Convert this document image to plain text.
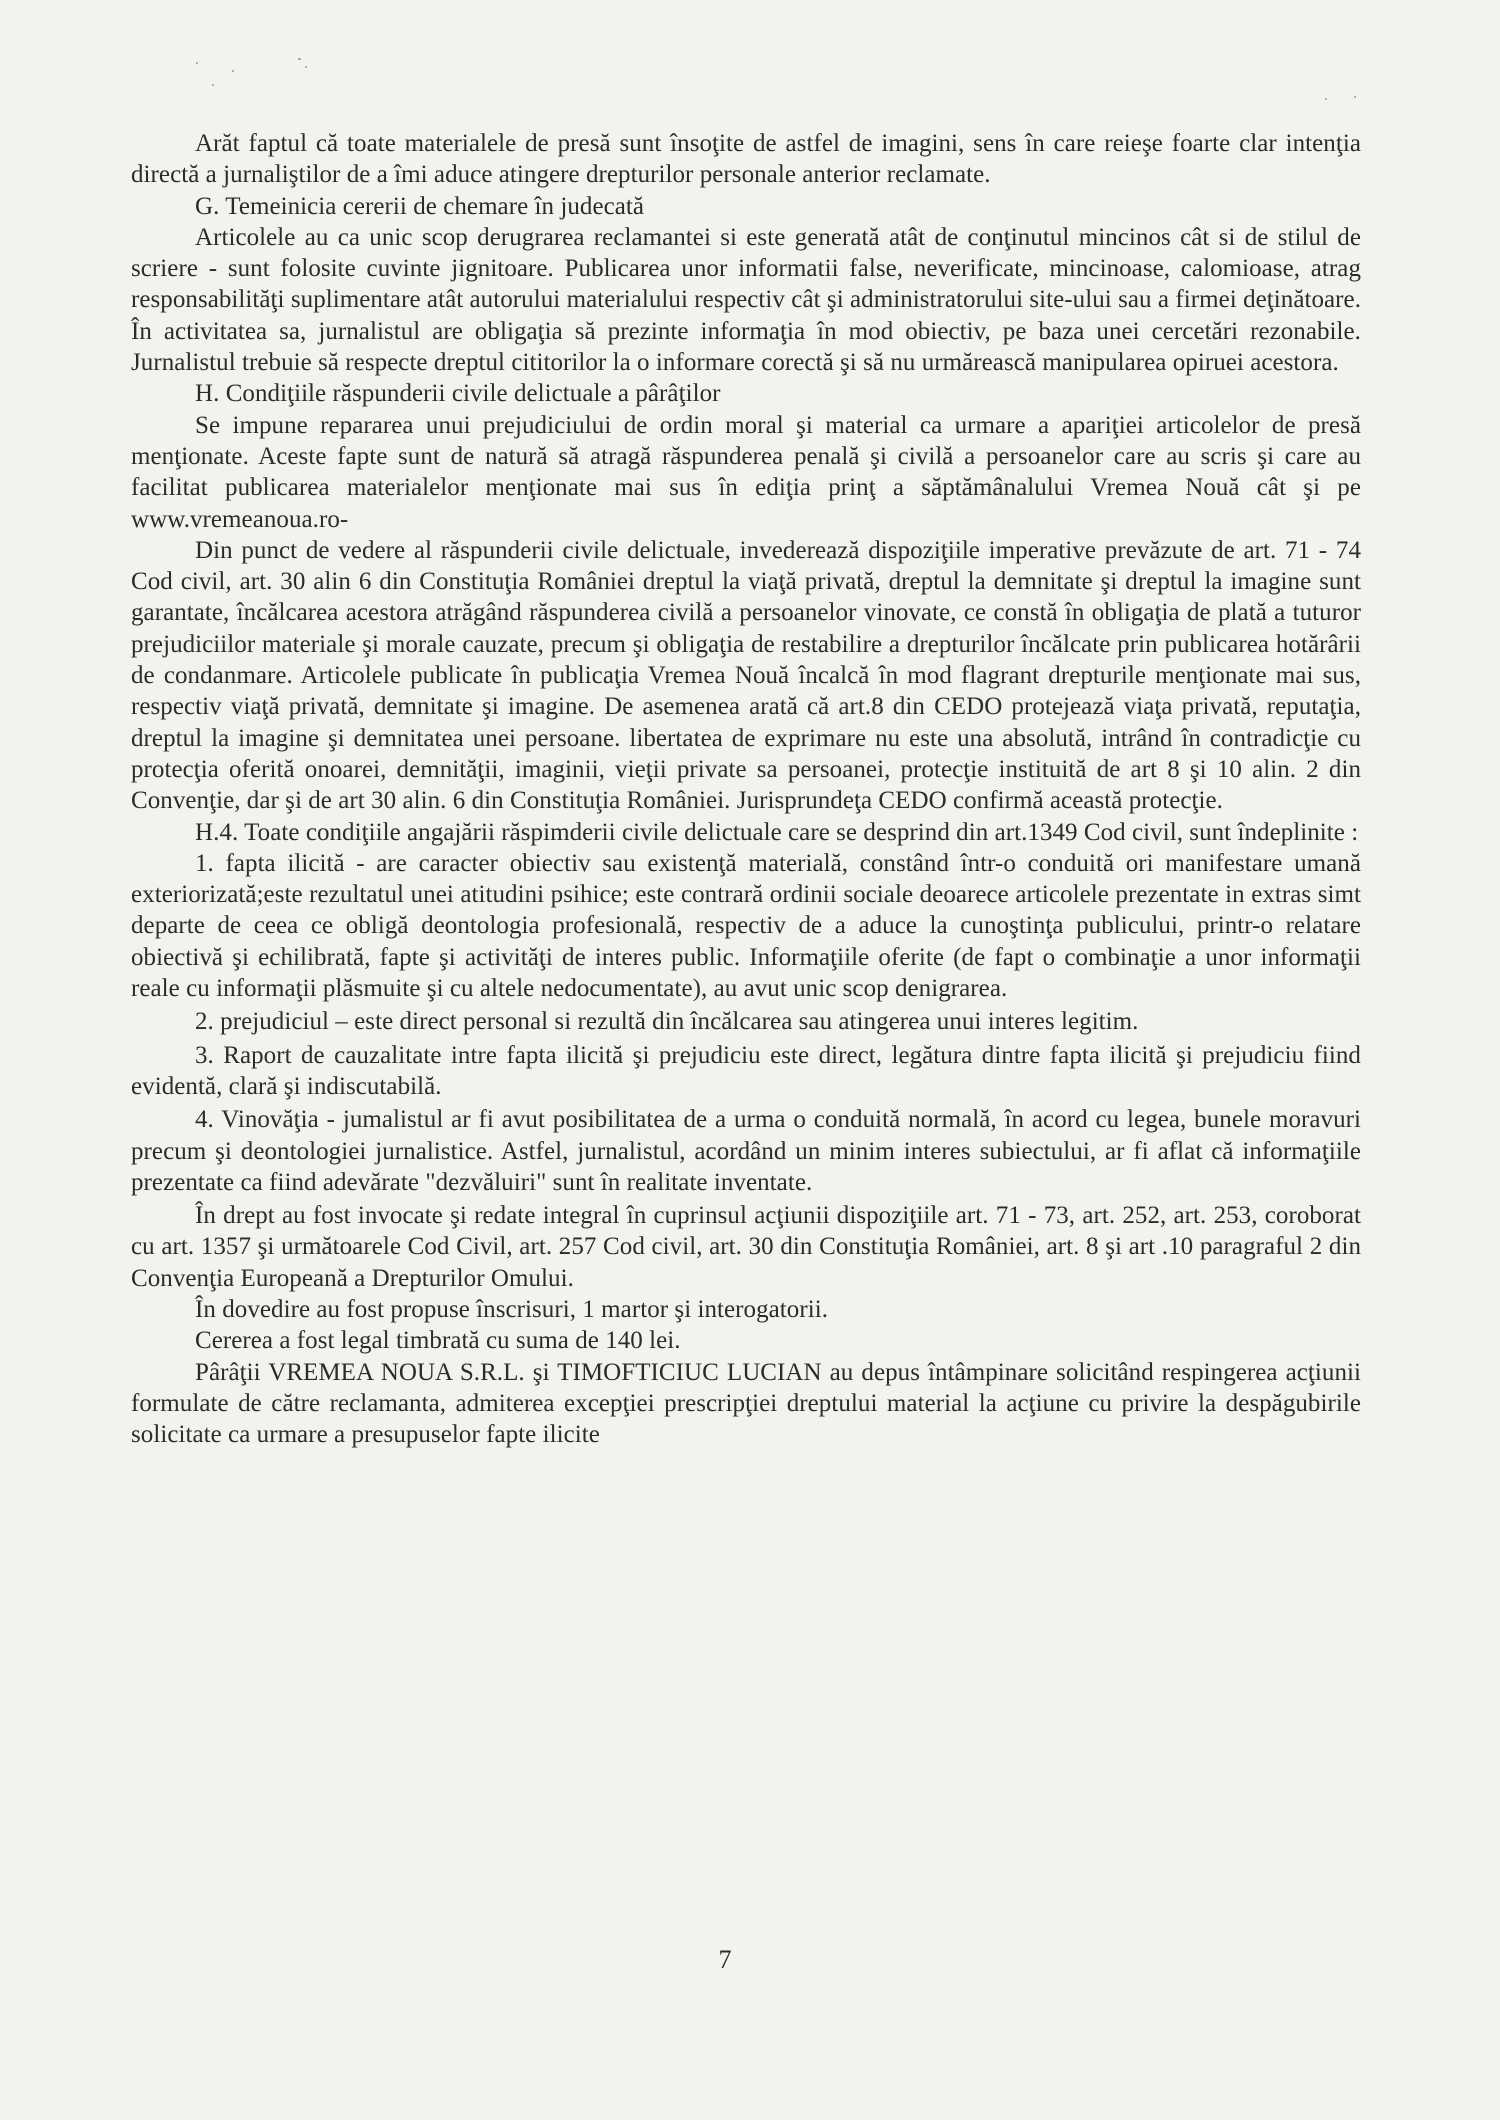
Arăt faptul că toate materialele de presă sunt însoţite de astfel de imagini, sens în care reieşe foarte clar intenţia directă a jurnaliştilor de a îmi aduce atingere drepturilor personale anterior reclamate.

G. Temeinicia cererii de chemare în judecată

Articolele au ca unic scop derugrarea reclamantei si este generată atât de conţinutul mincinos cât si de stilul de scriere - sunt folosite cuvinte jignitoare. Publicarea unor informatii false, neverificate, mincinoase, calomioase, atrag responsabilităţi suplimentare atât autorului materialului respectiv cât şi administratorului site-ului sau a firmei deţinătoare. În activitatea sa, jurnalistul are obligaţia să prezinte informaţia în mod obiectiv, pe baza unei cercetări rezonabile. Jurnalistul trebuie să respecte dreptul cititorilor la o informare corectă şi să nu urmărească manipularea opiruei acestora.

H. Condiţiile răspunderii civile delictuale a pârâţilor

Se impune repararea unui prejudiciului de ordin moral şi material ca urmare a apariţiei articolelor de presă menţionate. Aceste fapte sunt de natură să atragă răspunderea penală şi civilă a persoanelor care au scris şi care au facilitat publicarea materialelor menţionate mai sus în ediţia prinţ a săptămânalului Vremea Nouă cât şi pe www.vremeanoua.ro-

Din punct de vedere al răspunderii civile delictuale, invederează dispoziţiile imperative prevăzute de art. 71 - 74 Cod civil, art. 30 alin 6 din Constituţia României dreptul la viaţă privată, dreptul la demnitate şi dreptul la imagine sunt garantate, încălcarea acestora atrăgând răspunderea civilă a persoanelor vinovate, ce constă în obligaţia de plată a tuturor prejudiciilor materiale şi morale cauzate, precum şi obligaţia de restabilire a drepturilor încălcate prin publicarea hotărârii de condanmare. Articolele publicate în publicaţia Vremea Nouă încalcă în mod flagrant drepturile menţionate mai sus, respectiv viaţă privată, demnitate şi imagine. De asemenea arată că art.8 din CEDO protejează viaţa privată, reputaţia, dreptul la imagine şi demnitatea unei persoane. libertatea de exprimare nu este una absolută, intrând în contradicţie cu protecţia oferită onoarei, demnităţii, imaginii, vieţii private sa persoanei, protecţie instituită de art 8 şi 10 alin. 2 din Convenţie, dar şi de art 30 alin. 6 din Constituţia României. Jurisprundeţa CEDO confirmă această protecţie.

H.4. Toate condiţiile angajării răspimderii civile delictuale care se desprind din art.1349 Cod civil, sunt îndeplinite :

1. fapta ilicită - are caracter obiectiv sau existenţă materială, constând într-o conduită ori manifestare umană exteriorizată;este rezultatul unei atitudini psihice; este contrară ordinii sociale deoarece articolele prezentate in extras simt departe de ceea ce obligă deontologia profesională, respectiv de a aduce la cunoştinţa publicului, printr-o relatare obiectivă şi echilibrată, fapte şi activităţi de interes public. Informaţiile oferite (de fapt o combinaţie a unor informaţii reale cu informaţii plăsmuite şi cu altele nedocumentate), au avut unic scop denigrarea.

2. prejudiciul – este direct personal si rezultă din încălcarea sau atingerea unui interes legitim.

3. Raport de cauzalitate intre fapta ilicită şi prejudiciu este direct, legătura dintre fapta ilicită şi prejudiciu fiind evidentă, clară şi indiscutabilă.

4. Vinovăţia - jumalistul ar fi avut posibilitatea de a urma o conduită normală, în acord cu legea, bunele moravuri precum şi deontologiei jurnalistice. Astfel, jurnalistul, acordând un minim interes subiectului, ar fi aflat că informaţiile prezentate ca fiind adevărate "dezvăluiri" sunt în realitate inventate.

În drept au fost invocate şi redate integral în cuprinsul acţiunii dispoziţiile art. 71 - 73, art. 252, art. 253, coroborat cu art. 1357 şi următoarele Cod Civil, art. 257 Cod civil, art. 30 din Constituţia României, art. 8 şi art .10 paragraful 2 din Convenţia Europeană a Drepturilor Omului.

În dovedire au fost propuse înscrisuri, 1 martor şi interogatorii.

Cererea a fost legal timbrată cu suma de 140 lei.

Pârâţii VREMEA NOUA S.R.L. şi TIMOFTICIUC LUCIAN au depus întâmpinare solicitând respingerea acţiunii formulate de către reclamanta, admiterea excepţiei prescripţiei dreptului material la acţiune cu privire la despăgubirile solicitate ca urmare a presupuselor fapte ilicite

7
